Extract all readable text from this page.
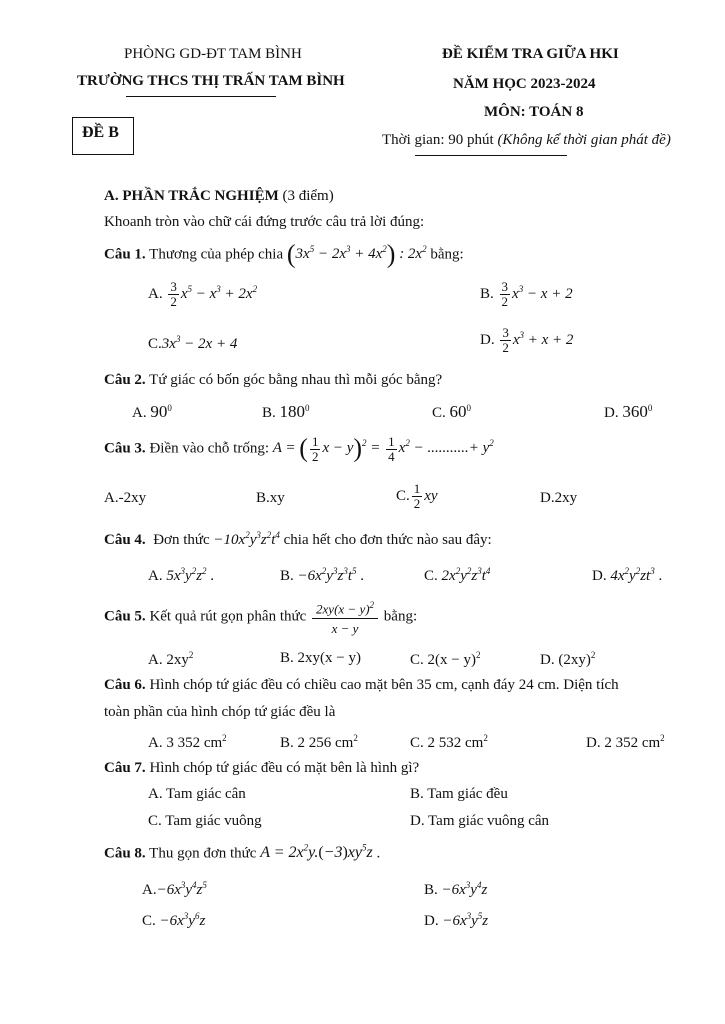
PHÒNG GD-ĐT TAM BÌNH
TRƯỜNG THCS THỊ TRẤN TAM BÌNH
ĐỀ B
ĐỀ KIỂM TRA GIỮA HKI
NĂM HỌC 2023-2024
MÔN: TOÁN 8
Thời gian: 90 phút (Không kể thời gian phát đề)
A. PHẦN TRẮC NGHIỆM (3 điểm)
Khoanh tròn vào chữ cái đứng trước câu trả lời đúng:
Câu 1. Thương của phép chia $(3x^5 - 2x^3 + 4x^2)$ : $2x^2$ bằng:
A. $\frac{3}{2} x^5 - x^3 + 2x^2$	B. $\frac{3}{2} x^3 - x + 2$
$C.3x^3 - 2x + 4$	D. $\frac{3}{2} x^3 + x + 2$
Câu 2. Tứ giác có bốn góc bằng nhau thì mỗi góc bằng?
A. $90^0$	B. $180^0$	C. $60^0$	D. $360^0$
Câu 3. Điền vào chỗ trống: A = ( $\frac{1}{2}$ $x - y)^2 = \frac{1}{4} x^2$ − ...........+ $y^2$
A.-2xy	B.xy	C. $\frac{1}{2}$ xy	D.2xy
Câu 4. Đơn thức $-10x^2y^3z^2t^4$ chia hết cho đơn thức nào sau đây:
A. $5x^3y^2z^2$ .	B. $-6x^2y^3z^3t^5$ .	C. $2x^2y^2z^3t^4$	D. $4x^2y^2zt^3$ .
Câu 5. Kết quả rút gọn phân thức $\frac{2xy(x - y)^2}{x - y}$ bằng:
A. $2xy^2$	B. 2xy(x − y)	C. $2(x - y)^2$	D. $(2xy)^2$
Câu 6. Hình chóp tứ giác đều có chiều cao mặt bên 35 cm, cạnh đáy 24 cm. Diện tích
toàn phần của hình chóp tứ giác đều là
A. 3 352 $cm^2$	B. 2 256 $cm^2$	C. 2 532 $cm^2$	D. 2 352 $cm^2$
Câu 7. Hình chóp tứ giác đều có mặt bên là hình gì?
A. Tam giác cân	B. Tam giác đều
C. Tam giác vuông	D. Tam giác vuông cân
Câu 8. Thu gọn đơn thức $A = 2x^2y.(-3)xy^5z$ .
$A.-6x^3y^4z^5$	B. $-6x^3y^4z$
C. $-6x^3y^6z$	D. $-6x^3y^5z$
